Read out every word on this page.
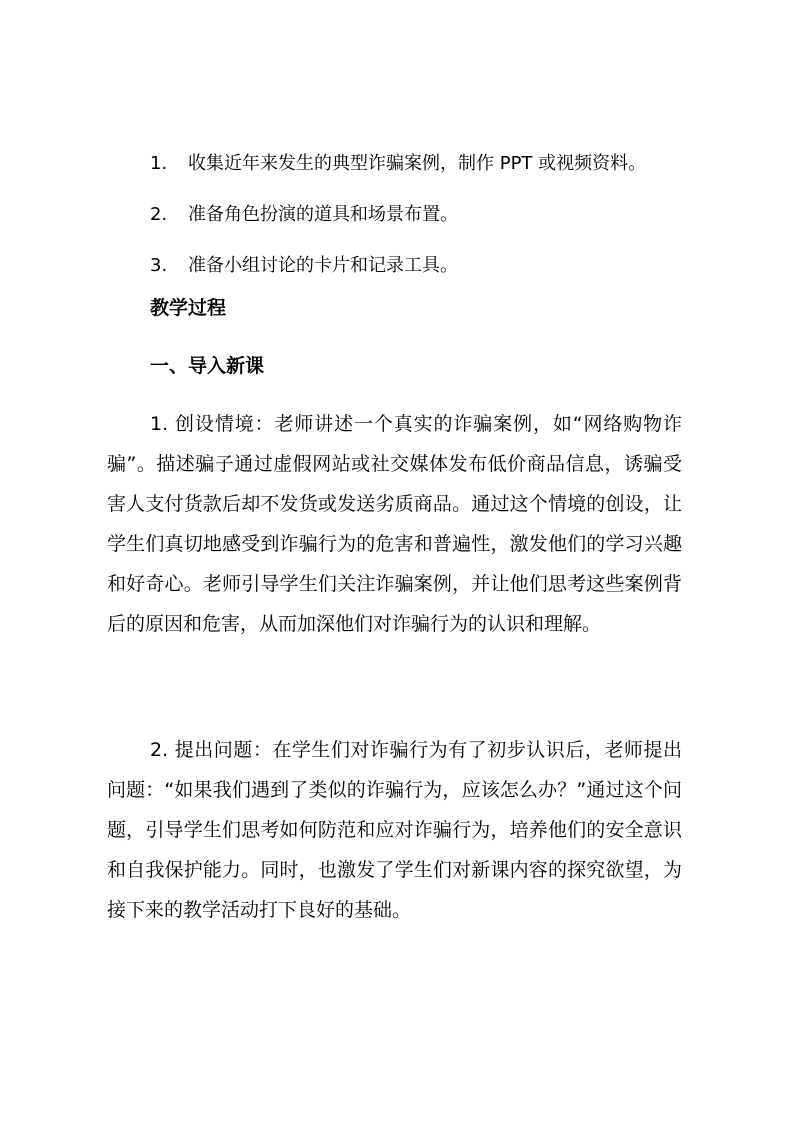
1. 收集近年来发生的典型诈骗案例，制作 PPT 或视频资料。
2. 准备角色扮演的道具和场景布置。
3. 准备小组讨论的卡片和记录工具。
教学过程
一、导入新课

1. 创设情境：老师讲述一个真实的诈骗案例，如“网络购物诈骗”。描述骗子通过虚假网站或社交媒体发布低价商品信息，诱骗受害人支付货款后却不发货或发送劣质商品。通过这个情境的创设，让学生们真切地感受到诈骗行为的危害和普遍性，激发他们的学习兴趣和好奇心。老师引导学生们关注诈骗案例，并让他们思考这些案例背后的原因和危害，从而加深他们对诈骗行为的认识和理解。

2. 提出问题：在学生们对诈骗行为有了初步认识后，老师提出问题：“如果我们遇到了类似的诈骗行为，应该怎么办？”通过这个问题，引导学生们思考如何防范和应对诈骗行为，培养他们的安全意识和自我保护能力。同时，也激发了学生们对新课内容的探究欲望，为接下来的教学活动打下良好的基础。
